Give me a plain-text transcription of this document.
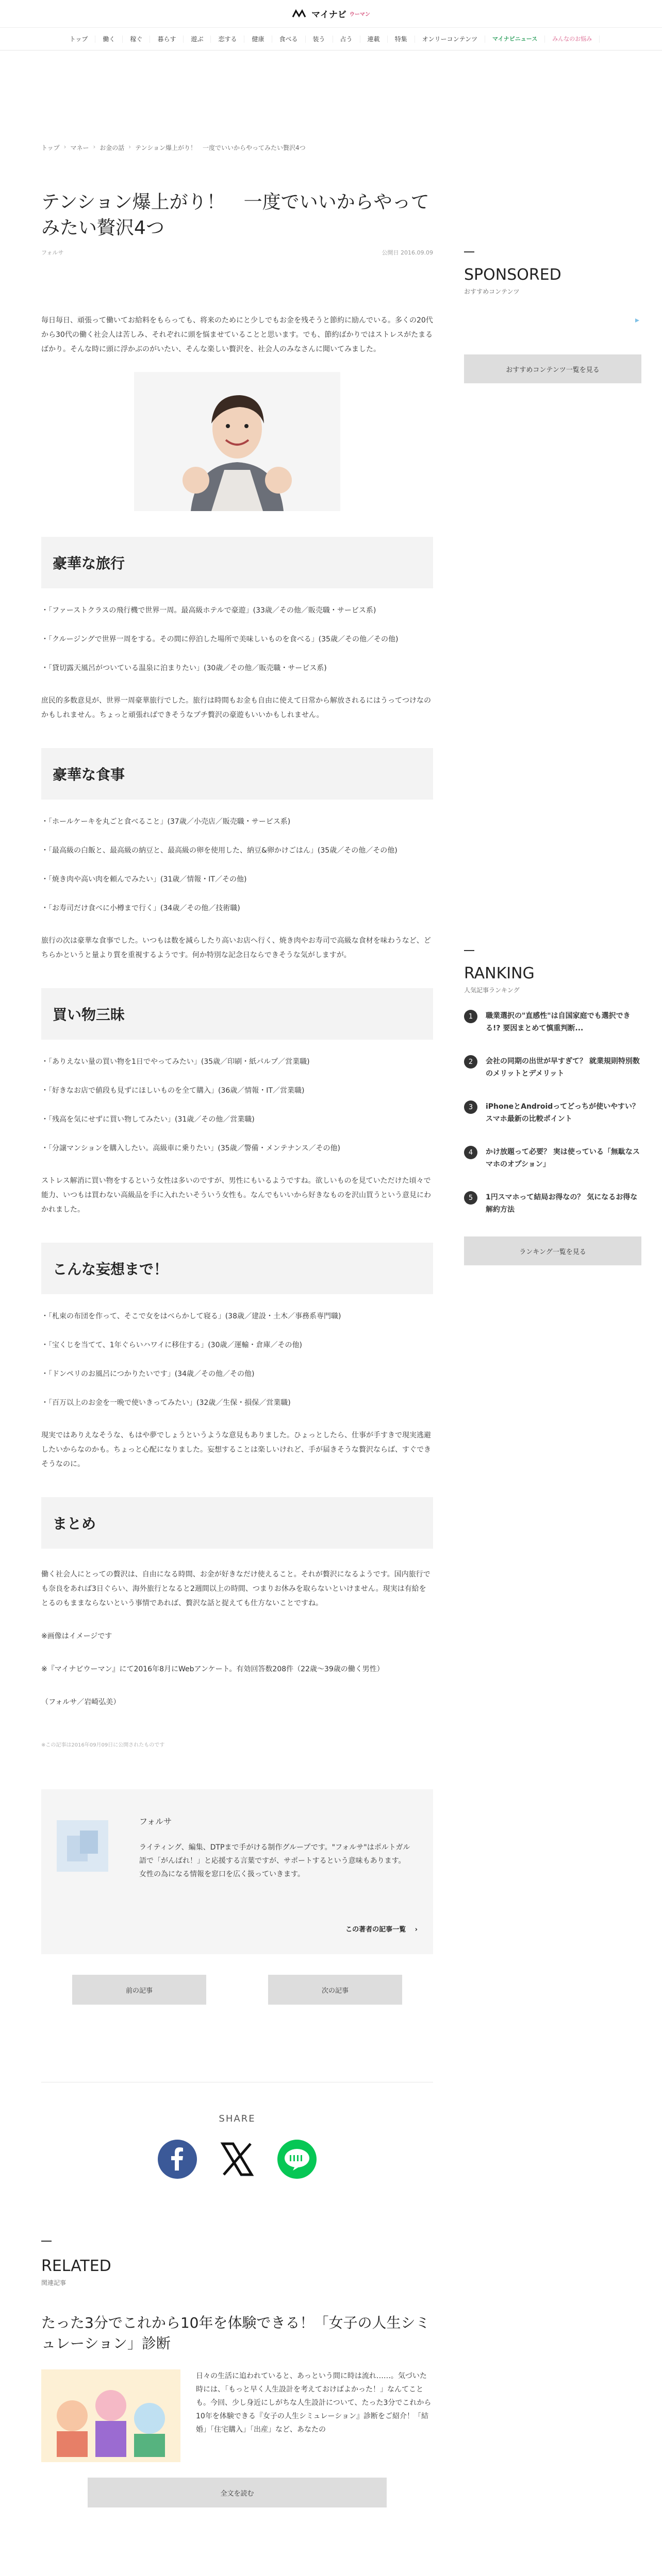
マイナビ ウーマン
トップ	働く	稼ぐ	暮らす	遊ぶ	恋する	健康	食べる	装う	占う	連載	特集	オンリーコンテンツ	マイナビニュース	みんなのお悩み
トップ › マネー › お金の話 › テンション爆上がり！　一度でいいからやってみたい贅沢4つ
テンション爆上がり！　一度でいいからやってみたい贅沢4つ
フォルサ	公開日 2016.09.09

毎日毎日、頑張って働いてお給料をもらっても、将来のためにと少しでもお金を残そうと節約に励んでいる。多くの20代から30代の働く社会人は苦しみ、それぞれに頭を悩ませていることと思います。でも、節約ばかりではストレスがたまるばかり。そんな時に頭に浮かぶのがいたい、そんな楽しい贅沢を、社会人のみなさんに聞いてみました。

豪華な旅行

・「ファーストクラスの飛行機で世界一周。最高級ホテルで豪遊」(33歳／その他／販売職・サービス系)

・「クルージングで世界一周をする。その間に停泊した場所で美味しいものを食べる」(35歳／その他／その他)

・「貸切露天風呂がついている温泉に泊まりたい」(30歳／その他／販売職・サービス系)

庶民的多数意見が、世界一周豪華旅行でした。旅行は時間もお金も自由に使えて日常から解放されるにはうってつけなのかもしれません。ちょっと頑張ればできそうなプチ贅沢の豪遊もいいかもしれません。

豪華な食事

・「ホールケーキを丸ごと食べること」(37歳／小売店／販売職・サービス系)

・「最高級の白飯と、最高級の納豆と、最高級の卵を使用した、納豆&卵かけごはん」(35歳／その他／その他)

・「焼き肉や高い肉を頼んでみたい」(31歳／情報・IT／その他)

・「お寿司だけ食べに小樽まで行く」(34歳／その他／技術職)

旅行の次は豪華な食事でした。いつもは数を減らしたり高いお店へ行く、焼き肉やお寿司で高級な食材を味わうなど、どちらかというと量より質を重視するようです。何か特別な記念日ならできそうな気がしますが。

買い物三昧

・「ありえない量の買い物を1日でやってみたい」(35歳／印刷・紙パルプ／営業職)

・「好きなお店で値段も見ずにほしいものを全て購入」(36歳／情報・IT／営業職)

・「残高を気にせずに買い物してみたい」(31歳／その他／営業職)

・「分譲マンションを購入したい。高級車に乗りたい」(35歳／警備・メンテナンス／その他)

ストレス解消に買い物をするという女性は多いのですが、男性にもいるようですね。欲しいものを見ていただけた頃々で能力、いつもは買わない高級品を手に入れたいそういう女性も。なんでもいいから好きなものを沢山買うという意見にわかれました。

こんな妄想まで！

・「札束の布団を作って、そこで女をはべらかして寝る」(38歳／建設・土木／事務系専門職)

・「宝くじを当てて、1年ぐらいハワイに移住する」(30歳／運輸・倉庫／その他)

・「ドンペリのお風呂につかりたいです」(34歳／その他／その他)

・「百万以上のお金を一晩で使いきってみたい」(32歳／生保・損保／営業職)

現実ではありえなそうな、もはや夢でしょうというような意見もありました。ひょっとしたら、仕事が手すきで現実逃避したいからなのかも。ちょっと心配になりました。妄想することは楽しいけれど、手が届きそうな贅沢ならば、すぐできそうなのに。

まとめ

働く社会人にとっての贅沢は、自由になる時間、お金が好きなだけ使えること。それが贅沢になるようです。国内旅行でも奈良をあれば3日ぐらい、海外旅行となると2週間以上の時間、つまりお休みを取らないといけません。現実は有給をとるのもままならないという事情であれば、贅沢な話と捉えても仕方ないことですね。

※画像はイメージです

※『マイナビウーマン』にて2016年8月にWebアンケート。有効回答数208件（22歳〜39歳の働く男性）

（フォルサ／岩崎弘美）

※この記事は2016年09月09日に公開されたものです

フォルサ
ライティング、編集、DTPまで手がける制作グループです。"フォルサ"はポルトガル語で「がんばれ！」と応援する言葉ですが、サポートするという意味もあります。女性の為になる情報を窓口を広く扱っていきます。
この著者の記事一覧 　›
前の記事	次の記事
SHARE
RELATED
関連記事
たった3分でこれから10年を体験できる！「女子の人生シミュレーション」診断
日々の生活に追われていると、あっという間に時は流れ……。気づいた時には、「もっと早く人生設計を考えておけばよかった！」なんてことも。今回、少し身近にしがちな人生設計について、たった3分でこれから10年を体験できる『女子の人生シミュレーション』診断をご紹介！「結婚」「住宅購入」「出産」など、あなたの
全文を読む
SPONSORED
おすすめコンテンツ
おすすめコンテンツ一覧を見る
RANKING
人気記事ランキング
1	職業選択の"直感性"は自国家庭でも選択できる!? 要因まとめて慎重判断...
2	会社の同期の出世が早すぎて？ 就業規則特別数のメリットとデメリット
3	iPhoneとAndroidってどっちが使いやすい？ スマホ最新の比較ポイント
4	かけ放題って必要？ 実は使っている「無駄なスマホのオプション」
5	1円スマホって結局お得なの？ 気になるお得な解約方法
ランキング一覧を見る
